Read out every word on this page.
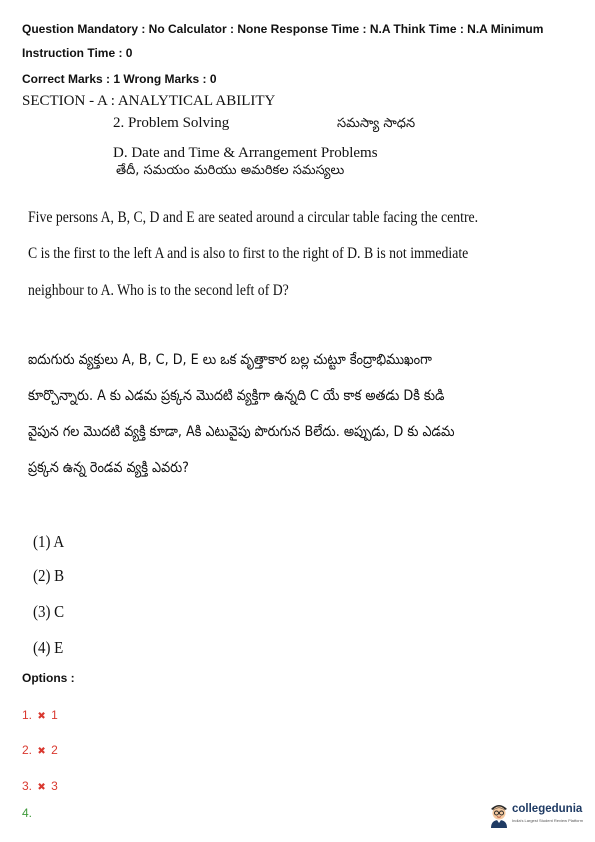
Question Mandatory : No Calculator : None Response Time : N.A Think Time : N.A Minimum
Instruction Time : 0
Correct Marks : 1 Wrong Marks : 0
SECTION - A : ANALYTICAL ABILITY
2. Problem Solving	సమస్యా సాధన
D. Date and Time & Arrangement Problems
తేదీ, సమయం మరియు అమరికల సమస్యలు
Five persons A, B, C, D and E are seated around a circular table facing the centre.
C is the first to the left A and is also to first to the right of D. B is not immediate
neighbour to A. Who is to the second left of D?
ఐదుగురు వ్యక్తులు A, B, C, D, E లు ఒక వృత్తాకార బల్ల చుట్టూ కేంద్రాభిముఖంగా
కూర్చొన్నారు. A కు ఎడమ ప్రక్కన మొదటి వ్యక్తిగా ఉన్నది C యే కాక అతడు Dకి కుడి
వైపున గల మొదటి వ్యక్తి కూడా, Aకి ఎటువైపు పొరుగున Bలేదు. అప్పుడు, D కు ఎడమ
ప్రక్కన ఉన్న రెండవ వ్యక్తి ఎవరు?
(1) A
(2) B
(3) C
(4) E
Options :
1. ✖ 1
2. ✖ 2
3. ✖ 3
4.	collegedunia
India's Largest Student Review Platform
